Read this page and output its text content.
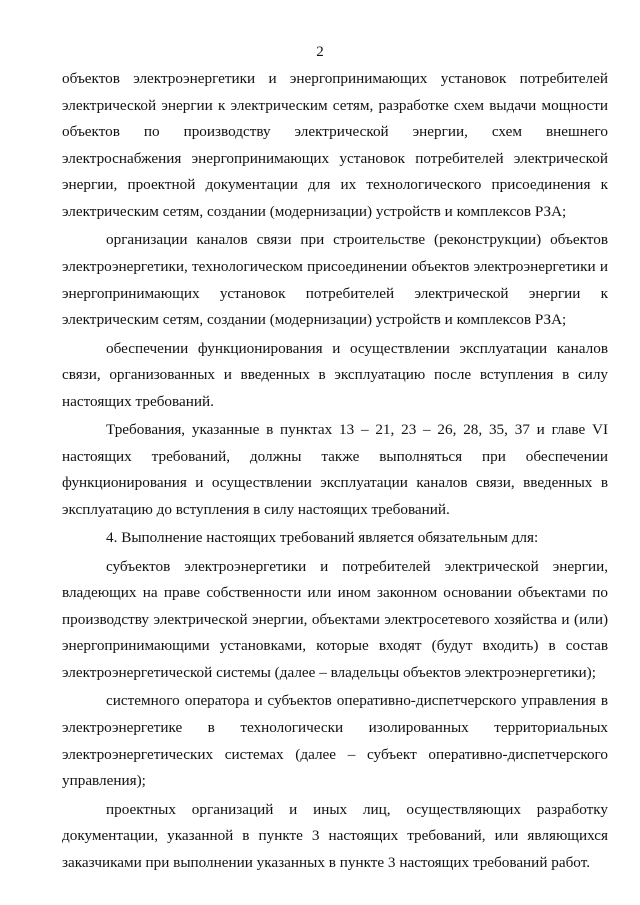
2

объектов электроэнергетики и энергопринимающих установок потребителей электрической энергии к электрическим сетям, разработке схем выдачи мощности объектов по производству электрической энергии, схем внешнего электроснабжения энергопринимающих установок потребителей электрической энергии, проектной документации для их технологического присоединения к электрическим сетям, создании (модернизации) устройств и комплексов РЗА;

организации каналов связи при строительстве (реконструкции) объектов электроэнергетики, технологическом присоединении объектов электроэнергетики и энергопринимающих установок потребителей электрической энергии к электрическим сетям, создании (модернизации) устройств и комплексов РЗА;

обеспечении функционирования и осуществлении эксплуатации каналов связи, организованных и введенных в эксплуатацию после вступления в силу настоящих требований.

Требования, указанные в пунктах 13 – 21, 23 – 26, 28, 35, 37 и главе VI настоящих требований, должны также выполняться при обеспечении функционирования и осуществлении эксплуатации каналов связи, введенных в эксплуатацию до вступления в силу настоящих требований.

4. Выполнение настоящих требований является обязательным для:

субъектов электроэнергетики и потребителей электрической энергии, владеющих на праве собственности или ином законном основании объектами по производству электрической энергии, объектами электросетевого хозяйства и (или) энергопринимающими установками, которые входят (будут входить) в состав электроэнергетической системы (далее – владельцы объектов электроэнергетики);

системного оператора и субъектов оперативно-диспетчерского управления в электроэнергетике в технологически изолированных территориальных электроэнергетических системах (далее – субъект оперативно-диспетчерского управления);

проектных организаций и иных лиц, осуществляющих разработку документации, указанной в пункте 3 настоящих требований, или являющихся заказчиками при выполнении указанных в пункте 3 настоящих требований работ.
